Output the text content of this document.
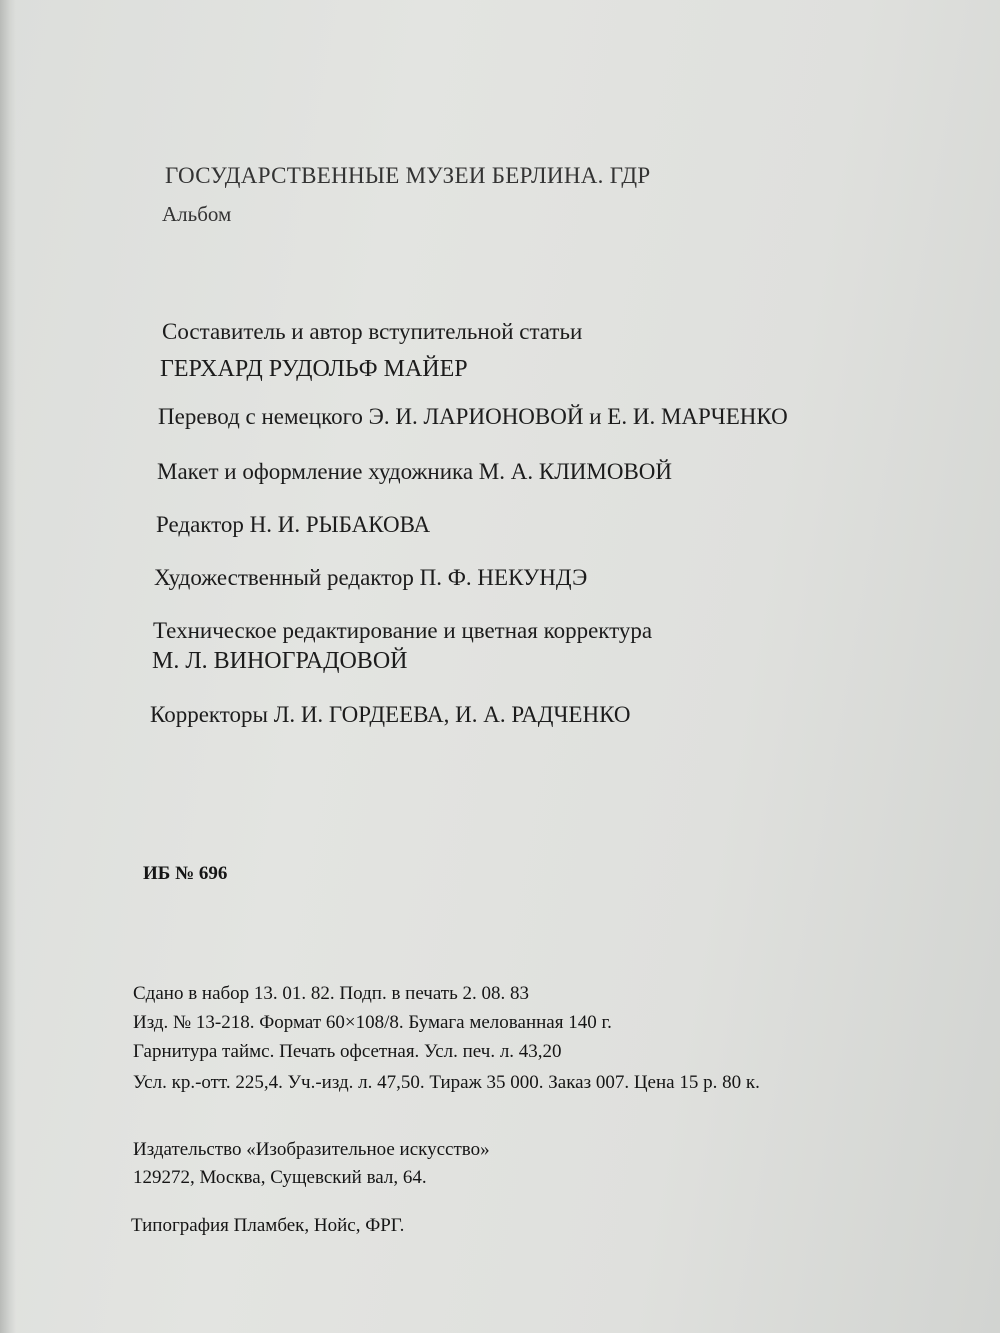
ГОСУДАРСТВЕННЫЕ МУЗЕИ БЕРЛИНА. ГДР

Альбом

Составитель и автор вступительной статьи

ГЕРХАРД РУДОЛЬФ МАЙЕР

Перевод с немецкого Э. И. ЛАРИОНОВОЙ и Е. И. МАРЧЕНКО

Макет и оформление художника М. А. КЛИМОВОЙ

Редактор Н. И. РЫБАКОВА

Художественный редактор П. Ф. НЕКУНДЭ

Техническое редактирование и цветная корректура

М. Л. ВИНОГРАДОВОЙ

Корректоры Л. И. ГОРДЕЕВА, И. А. РАДЧЕНКО

ИБ № 696

Сдано в набор 13. 01. 82. Подп. в печать 2. 08. 83

Изд. № 13-218. Формат 60×108/8. Бумага мелованная 140 г.

Гарнитура таймс. Печать офсетная. Усл. печ. л. 43,20

Усл. кр.-отт. 225,4. Уч.-изд. л. 47,50. Тираж 35 000. Заказ 007. Цена 15 р. 80 к.

Издательство «Изобразительное искусство»

129272, Москва, Сущевский вал, 64.

Типография Пламбек, Нойс, ФРГ.
